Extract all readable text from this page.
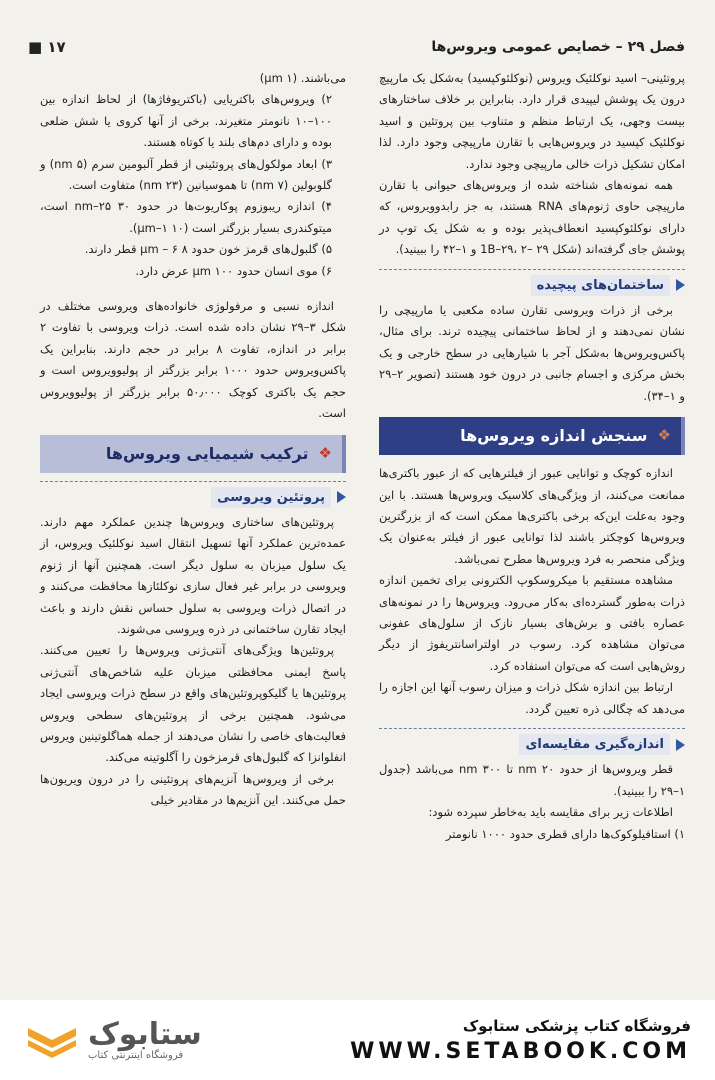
فصل ۲۹ – خصایص عمومی ویروس‌ها
■ ۱۷

پروتئینی– اسید نوکلئیک ویروس (نوکلئوکپسید) به‌شکل یک مارپیچ درون یک پوشش لیپیدی قرار دارد. بنابراین بر خلاف ساختارهای بیست وجهی، یک ارتباط منظم و متناوب بین پروتئین و اسید نوکلئیک کپسید در ویروس‌هایی با تقارن مارپیچی وجود دارد. لذا امکان تشکیل ذرات خالی مارپیچی وجود ندارد.

همه نمونه‌های شناخته شده از ویروس‌های حیوانی با تقارن مارپیچی حاوی ژنوم‌های RNA هستند، به جز رابدوویروس، که دارای نوکلئوکپسید انعطاف‌پذیر بوده و به شکل یک توپ در پوشش جای گرفته‌اند (شکل 1B–۲۹، ۲– ۲۹ و ۱–۴۲ را ببینید).

ساختمان‌های پیچیده

برخی از ذرات ویروسی تقارن ساده مکعبی یا مارپیچی را نشان نمی‌دهند و از لحاظ ساختمانی پیچیده ترند. برای مثال، پاکس‌ویروس‌ها به‌شکل آجر با شیارهایی در سطح خارجی و یک بخش مرکزی و اجسام جانبی در درون خود هستند (تصویر ۲–۲۹ و ۱–۳۴).

❖
سنجش اندازه ویروس‌ها

اندازه کوچک و توانایی عبور از فیلترهایی که از عبور باکتری‌ها ممانعت می‌کنند، از ویژگی‌های کلاسیک ویروس‌ها هستند. با این وجود به‌علت این‌که برخی باکتری‌ها ممکن است که از بزرگترین ویروس‌ها کوچکتر باشند لذا توانایی عبور از فیلتر به‌عنوان یک ویژگی منحصر به فرد ویروس‌ها مطرح نمی‌باشد.

مشاهده مستقیم با میکروسکوپ الکترونی برای تخمین اندازه ذرات به‌طور گسترده‌ای به‌کار می‌رود. ویروس‌ها را در نمونه‌های عصاره بافتی و برش‌های بسیار نازک از سلول‌های عفونی می‌توان مشاهده کرد. رسوب در اولتراسانتریفوژ از دیگر روش‌هایی است که می‌توان استفاده کرد.

ارتباط بین اندازه شکل ذرات و میزان رسوب آنها این اجازه را می‌دهد که چگالی ذره تعیین گردد.

اندازه‌گیری مقایسه‌ای

قطر ویروس‌ها از حدود ۲۰ nm تا ۳۰۰ nm می‌باشد (جدول ۱–۲۹ را ببینید).

اطلاعات زیر برای مقایسه باید به‌خاطر سپرده شود:

۱) استافیلوکوک‌ها دارای قطری حدود ۱۰۰۰ نانومتر

می‌باشند. (µm ۱)

۲) ویروس‌های باکتریایی (باکتریوفاژها) از لحاظ اندازه بین ۱۰۰–۱۰ نانومتر متغیرند. برخی از آنها کروی یا شش ضلعی بوده و دارای دم‌های بلند یا کوتاه هستند.

۳) ابعاد مولکول‌های پروتئینی از قطر آلبومین سرم (۵ nm) و گلوبولین (۷ nm) تا هموسیانین (۲۳ nm) متفاوت است.

۴) اندازه ریبوزوم پوکاریوت‌ها در حدود ۳۰ nm–۲۵ است، میتوکندری بسیار بزرگتر است (۱۰ µm–۱).

۵) گلبول‌های قرمز خون حدود ۸ µm – ۶ قطر دارند.

۶) موی انسان حدود ۱۰۰ µm عرض دارد.

اندازه نسبی و مرفولوژی خانواده‌های ویروسی مختلف در شکل ۳–۲۹ نشان داده شده است. ذرات ویروسی با تفاوت ۲ برابر در اندازه، تفاوت ۸ برابر در حجم دارند. بنابراین یک پاکس‌ویروس حدود ۱۰۰۰ برابر بزرگتر از پولیوویروس است و حجم یک باکتری کوچک ۵۰٫۰۰۰ برابر بزرگتر از پولیوویروس است.

❖
ترکیب شیمیایی ویروس‌ها
پروتئین ویروسی

پروتئین‌های ساختاری ویروس‌ها چندین عملکرد مهم دارند. عمده‌ترین عملکرد آنها تسهیل انتقال اسید نوکلئیک ویروس، از یک سلول میزبان به سلول دیگر است. همچنین آنها از ژنوم ویروسی در برابر غیر فعال سازی نوکلئازها محافظت می‌کنند و در اتصال ذرات ویروسی به سلول حساس نقش دارند و باعث ایجاد تقارن ساختمانی در ذره ویروسی می‌شوند.

پروتئین‌ها ویژگی‌های آنتی‌ژنی ویروس‌ها را تعیین می‌کنند. پاسخ ایمنی محافظتی میزبان علیه شاخص‌های آنتی‌ژنی پروتئین‌ها یا گلیکوپروتئین‌های واقع در سطح ذرات ویروسی ایجاد می‌شود. همچنین برخی از پروتئین‌های سطحی ویروس فعالیت‌های خاصی را نشان می‌دهند از جمله هماگلوتینین ویروس انفلوانزا که گلبول‌های قرمزخون را آگلوتینه می‌کند.

برخی از ویروس‌ها آنزیم‌های پروتئینی را در درون ویریون‌ها حمل می‌کنند. این آنزیم‌ها در مقادیر خیلی

فروشگاه کتاب پزشکی ستابوک
WWW.SETABOOK.COM
ستابوک
فروشگاه اینترنتی کتاب
